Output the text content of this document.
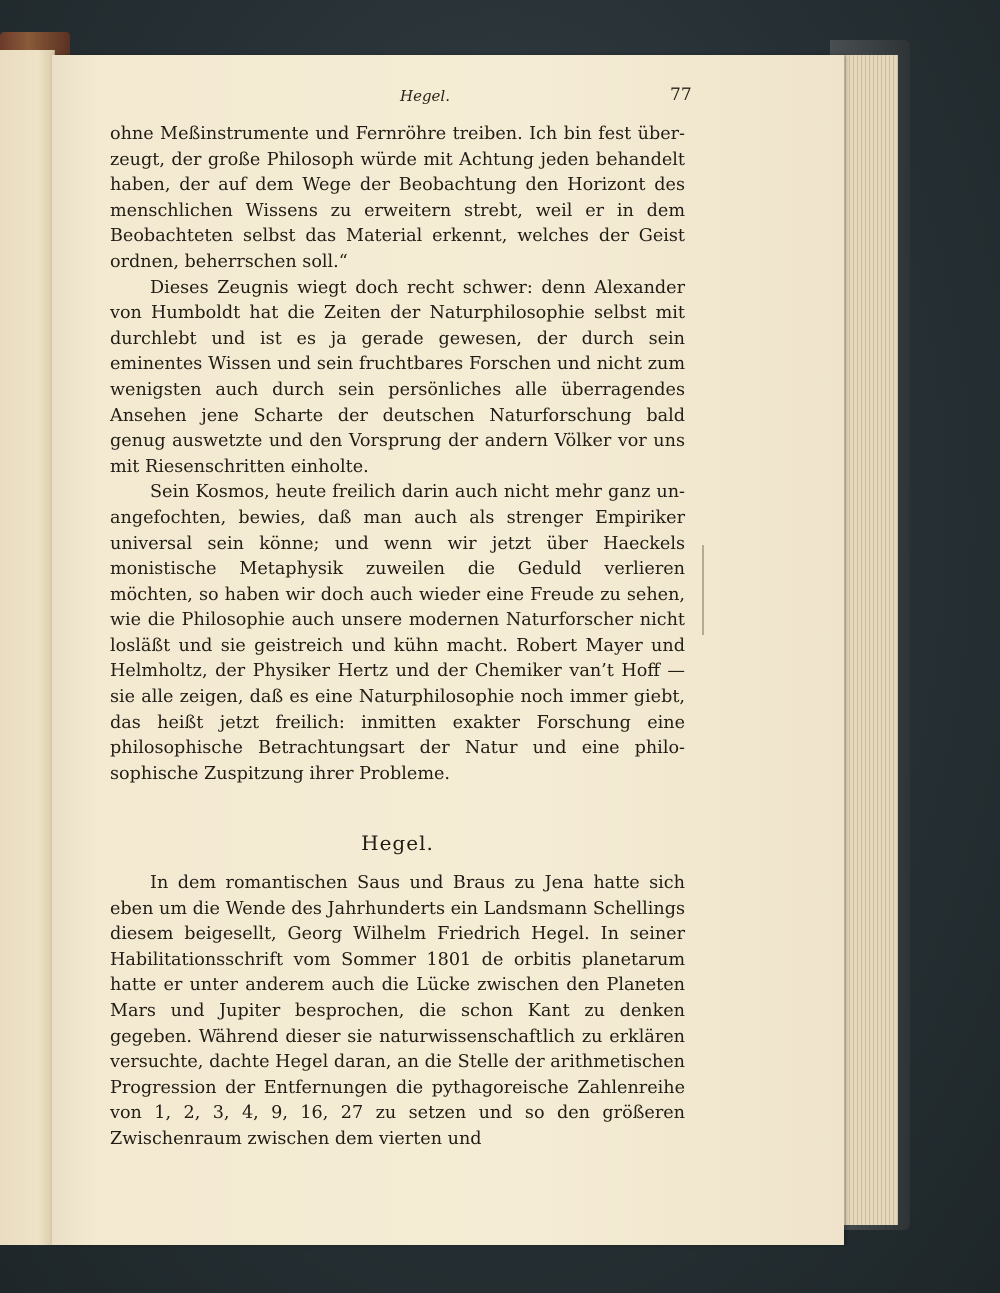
Hegel.	77

ohne Meßinstrumente und Fernröhre treiben. Ich bin fest überzeugt, der große Philosoph würde mit Achtung jeden behandelt haben, der auf dem Wege der Beobachtung den Horizont des menschlichen Wissens zu erweitern strebt, weil er in dem Beobachteten selbst das Material erkennt, welches der Geist ordnen, beherrschen soll.“

Dieses Zeugnis wiegt doch recht schwer: denn Alexander von Humboldt hat die Zeiten der Naturphilosophie selbst mit durchlebt und ist es ja gerade gewesen, der durch sein eminentes Wissen und sein fruchtbares Forschen und nicht zum wenigsten auch durch sein persönliches alle überragendes Ansehen jene Scharte der deutschen Naturforschung bald genug auswetzte und den Vorsprung der andern Völker vor uns mit Riesenschritten einholte.

Sein Kosmos, heute freilich darin auch nicht mehr ganz unangefochten, bewies, daß man auch als strenger Empiriker universal sein könne; und wenn wir jetzt über Haeckels monistische Metaphysik zuweilen die Geduld verlieren möchten, so haben wir doch auch wieder eine Freude zu sehen, wie die Philosophie auch unsere modernen Naturforscher nicht losläßt und sie geistreich und kühn macht. Robert Mayer und Helmholtz, der Physiker Hertz und der Chemiker van’t Hoff — sie alle zeigen, daß es eine Naturphilosophie noch immer giebt, das heißt jetzt freilich: inmitten exakter Forschung eine philosophische Betrachtungsart der Natur und eine philosophische Zuspitzung ihrer Probleme.

Hegel.

In dem romantischen Saus und Braus zu Jena hatte sich eben um die Wende des Jahrhunderts ein Landsmann Schellings diesem beigesellt, Georg Wilhelm Friedrich Hegel. In seiner Habilitationsschrift vom Sommer 1801 de orbitis planetarum hatte er unter anderem auch die Lücke zwischen den Planeten Mars und Jupiter besprochen, die schon Kant zu denken gegeben. Während dieser sie naturwissenschaftlich zu erklären versuchte, dachte Hegel daran, an die Stelle der arithmetischen Progression der Entfernungen die pythagoreische Zahlenreihe von 1, 2, 3, 4, 9, 16, 27 zu setzen und so den größeren Zwischenraum zwischen dem vierten und
